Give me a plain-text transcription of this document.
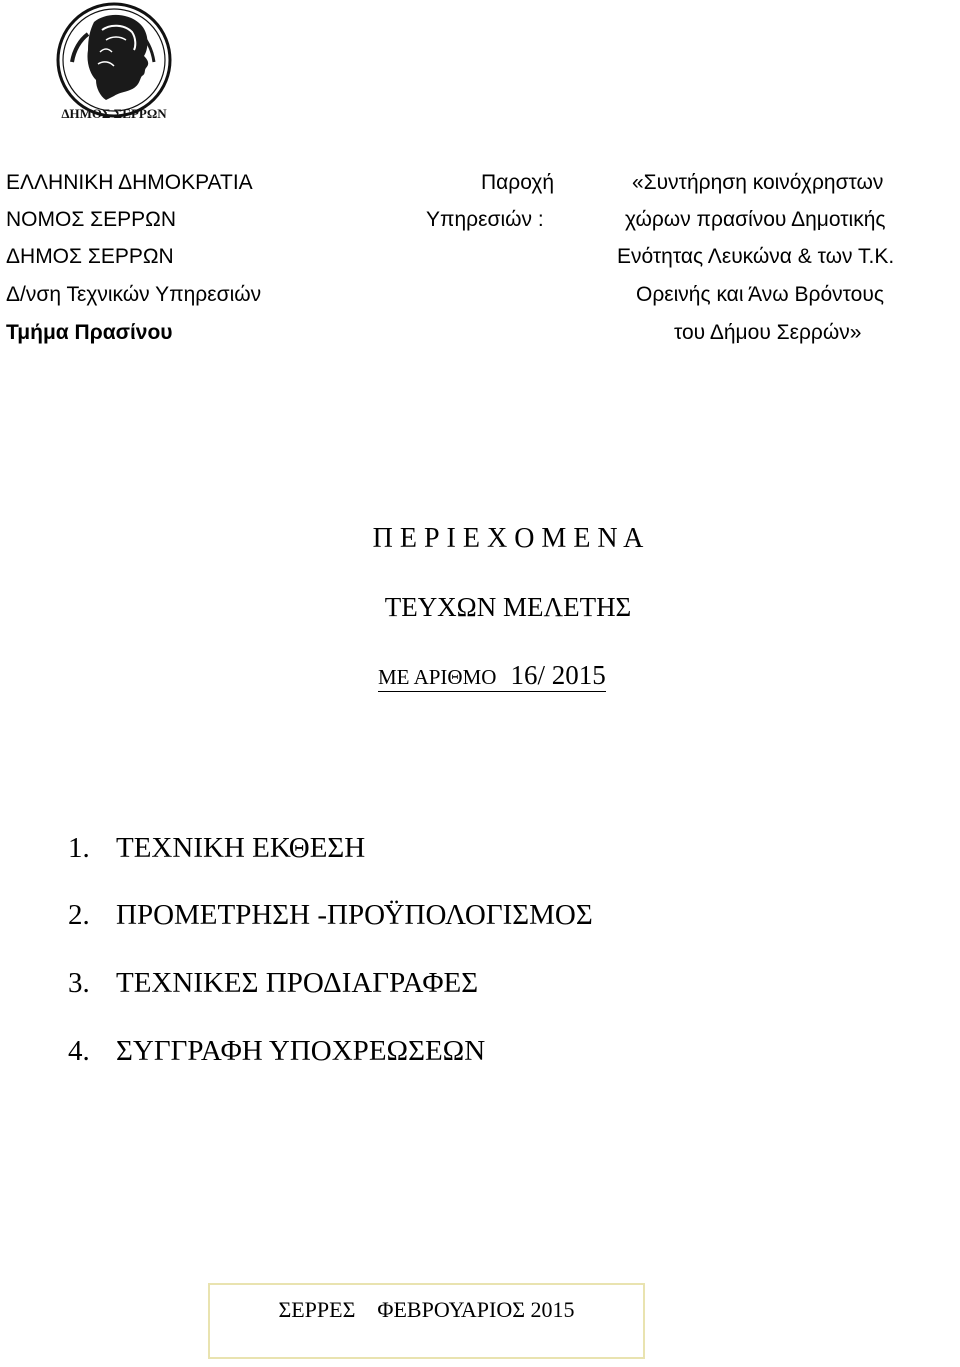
ΔΗΜΟΣ ΣΕΡΡΩΝ

ΕΛΛΗΝΙΚΗ ΔΗΜΟΚΡΑΤΙΑ

ΝΟΜΟΣ ΣΕΡΡΩΝ

ΔΗΜΟΣ ΣΕΡΡΩΝ

Δ/νση Τεχνικών Υπηρεσιών

Τμήμα Πρασίνου

Παροχή

Υπηρεσιών :

«Συντήρηση κοινόχρηστων

χώρων πρασίνου Δημοτικής

Ενότητας Λευκώνα & των Τ.Κ.

Ορεινής και Άνω Βρόντους

του Δήμου Σερρών»

Π Ε Ρ Ι Ε Χ Ο Μ Ε Ν Α

ΤΕΥΧΩΝ ΜΕΛΕΤΗΣ

ΜΕ ΑΡΙΘΜΟ 16/ 2015
1. ΤΕΧΝΙΚΗ ΕΚΘΕΣΗ
2. ΠΡΟΜΕΤΡΗΣΗ -ΠΡΟΫΠΟΛΟΓΙΣΜΟΣ
3. ΤΕΧΝΙΚΕΣ ΠΡΟΔΙΑΓΡΑΦΕΣ
4. ΣΥΓΓΡΑΦΗ ΥΠΟΧΡΕΩΣΕΩΝ
ΣΕΡΡΕΣ ΦΕΒΡΟΥΑΡΙΟΣ 2015
